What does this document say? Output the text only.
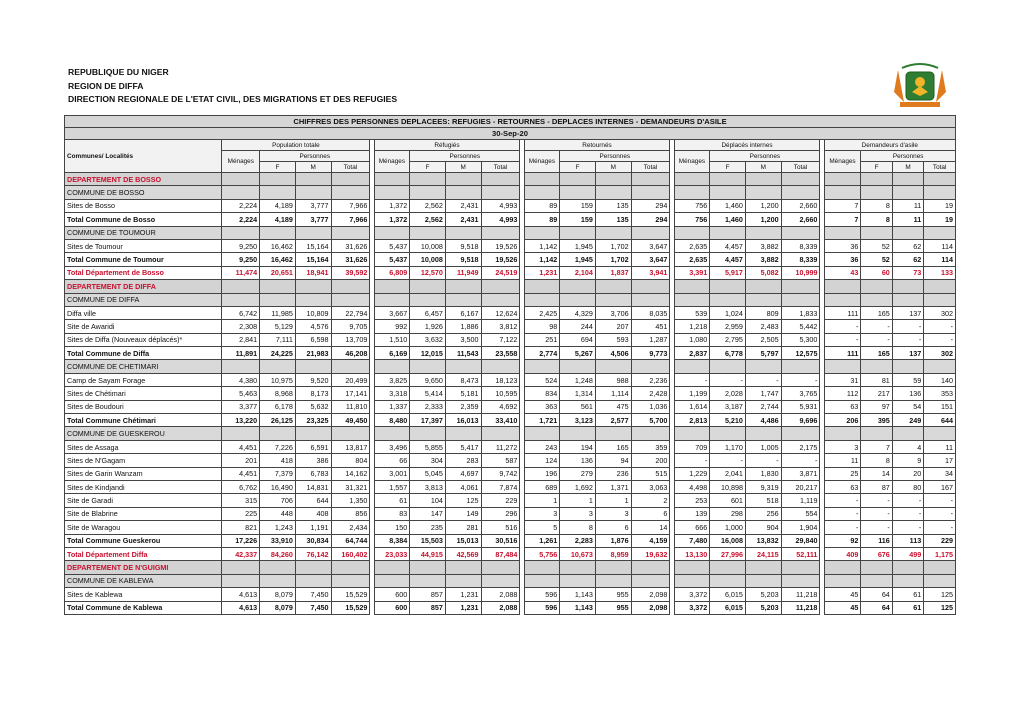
REPUBLIQUE DU NIGER
REGION DE DIFFA
DIRECTION REGIONALE DE L'ETAT CIVIL, DES MIGRATIONS ET DES REFUGIES
CHIFFRES DES PERSONNES DEPLACEES: REFUGIES - RETOURNES - DEPLACES INTERNES - DEMANDEURS D'ASILE																								
30-Sep-20																								
Communes/ Localités	Population totale					Réfugiés					Retournés					Déplacés internes					Demandeurs d'asile			
	Ménages	Personnes				Ménages	Personnes				Ménages	Personnes				Ménages	Personnes				Ménages	Personnes		
		F	M	Total			F	M	Total			F	M	Total			F	M	Total			F	M	Total
DEPARTEMENT DE BOSSO																								
COMMUNE DE BOSSO																								
Sites de Bosso	2,224	4,189	3,777	7,966		1,372	2,562	2,431	4,993		89	159	135	294		756	1,460	1,200	2,660		7	8	11	19
Total Commune de Bosso	2,224	4,189	3,777	7,966		1,372	2,562	2,431	4,993		89	159	135	294		756	1,460	1,200	2,660		7	8	11	19
COMMUNE DE TOUMOUR																								
Sites de Toumour	9,250	16,462	15,164	31,626		5,437	10,008	9,518	19,526		1,142	1,945	1,702	3,647		2,635	4,457	3,882	8,339		36	52	62	114
Total Commune de Toumour	9,250	16,462	15,164	31,626		5,437	10,008	9,518	19,526		1,142	1,945	1,702	3,647		2,635	4,457	3,882	8,339		36	52	62	114
Total Département de Bosso	11,474	20,651	18,941	39,592		6,809	12,570	11,949	24,519		1,231	2,104	1,837	3,941		3,391	5,917	5,082	10,999		43	60	73	133
DEPARTEMENT DE DIFFA																								
COMMUNE DE DIFFA																								
Diffa ville	6,742	11,985	10,809	22,794		3,667	6,457	6,167	12,624		2,425	4,329	3,706	8,035		539	1,024	809	1,833		111	165	137	302
Site de Awaridi	2,308	5,129	4,576	9,705		992	1,926	1,886	3,812		98	244	207	451		1,218	2,959	2,483	5,442		-	-	-	-
Sites de Diffa (Nouveaux déplacés)*	2,841	7,111	6,598	13,709		1,510	3,632	3,500	7,122		251	694	593	1,287		1,080	2,795	2,505	5,300		-	-	-	-
Total Commune de Diffa	11,891	24,225	21,983	46,208		6,169	12,015	11,543	23,558		2,774	5,267	4,506	9,773		2,837	6,778	5,797	12,575		111	165	137	302
COMMUNE DE CHETIMARI																								
Camp de Sayam Forage	4,380	10,975	9,520	20,499		3,825	9,650	8,473	18,123		524	1,248	988	2,236		-	-	-	-		31	81	59	140
Sites de Chétimari	5,463	8,968	8,173	17,141		3,318	5,414	5,181	10,595		834	1,314	1,114	2,428		1,199	2,028	1,747	3,765		112	217	136	353
Sites de Boudouri	3,377	6,178	5,632	11,810		1,337	2,333	2,359	4,692		363	561	475	1,036		1,614	3,187	2,744	5,931		63	97	54	151
Total Commune Chétimari	13,220	26,125	23,325	49,450		8,480	17,397	16,013	33,410		1,721	3,123	2,577	5,700		2,813	5,210	4,486	9,696		206	395	249	644
COMMUNE DE GUESKEROU																								
Sites de Assaga	4,451	7,226	6,591	13,817		3,496	5,855	5,417	11,272		243	194	165	359		709	1,170	1,005	2,175		3	7	4	11
Sites de N'Gagam	201	418	386	804		66	304	283	587		124	136	94	200		-	-	-	-		11	8	9	17
Sites de Garin Wanzam	4,451	7,379	6,783	14,162		3,001	5,045	4,697	9,742		196	279	236	515		1,229	2,041	1,830	3,871		25	14	20	34
Sites de Kindjandi	6,762	16,490	14,831	31,321		1,557	3,813	4,061	7,874		689	1,692	1,371	3,063		4,498	10,898	9,319	20,217		63	87	80	167
Site de Garadi	315	706	644	1,350		61	104	125	229		1	1	1	2		253	601	518	1,119		-	-	-	-
Site de Blabrine	225	448	408	856		83	147	149	296		3	3	3	6		139	298	256	554		-	-	-	-
Site de Waragou	821	1,243	1,191	2,434		150	235	281	516		5	8	6	14		666	1,000	904	1,904		-	-	-	-
Total Commune Gueskerou	17,226	33,910	30,834	64,744		8,384	15,503	15,013	30,516		1,261	2,283	1,876	4,159		7,480	16,008	13,832	29,840		92	116	113	229
Total Département Diffa	42,337	84,260	76,142	160,402		23,033	44,915	42,569	87,484		5,756	10,673	8,959	19,632		13,130	27,996	24,115	52,111		409	676	499	1,175
DEPARTEMENT DE N'GUIGMI																								
COMMUNE DE KABLEWA																								
Sites de Kablewa	4,613	8,079	7,450	15,529		600	857	1,231	2,088		596	1,143	955	2,098		3,372	6,015	5,203	11,218		45	64	61	125
Total Commune de Kablewa	4,613	8,079	7,450	15,529		600	857	1,231	2,088		596	1,143	955	2,098		3,372	6,015	5,203	11,218		45	64	61	125
